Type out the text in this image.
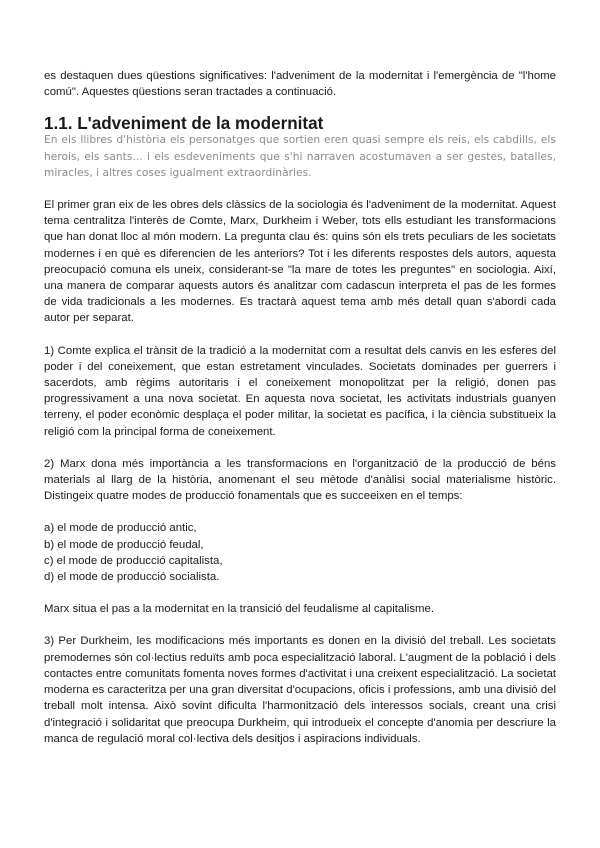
es destaquen dues qüestions significatives: l'adveniment de la modernitat i l'emergència de "l'home comú". Aquestes qüestions seran tractades a continuació.

1.1. L'adveniment de la modernitat

En els llibres d'història els personatges que sortien eren quasi sempre els reis, els cabdills, els herois, els sants... i els esdeveniments que s'hi narraven acostumaven a ser gestes, batalles, miracles, i altres coses igualment extraordinàries.

El primer gran eix de les obres dels clàssics de la sociologia és l'adveniment de la modernitat. Aquest tema centralitza l'interès de Comte, Marx, Durkheim i Weber, tots ells estudiant les transformacions que han donat lloc al món modern. La pregunta clau és: quins són els trets peculiars de les societats modernes i en què es diferencien de les anteriors? Tot i les diferents respostes dels autors, aquesta preocupació comuna els uneix, considerant-se "la mare de totes les preguntes" en sociologia. Així, una manera de comparar aquests autors és analitzar com cadascun interpreta el pas de les formes de vida tradicionals a les modernes. Es tractarà aquest tema amb més detall quan s'abordi cada autor per separat.

1) Comte explica el trànsit de la tradició a la modernitat com a resultat dels canvis en les esferes del poder i del coneixement, que estan estretament vinculades. Societats dominades per guerrers i sacerdots, amb règims autoritaris i el coneixement monopolitzat per la religió, donen pas progressivament a una nova societat. En aquesta nova societat, les activitats industrials guanyen terreny, el poder econòmic desplaça el poder militar, la societat es pacífica, i la ciència substitueix la religió com la principal forma de coneixement.

2) Marx dona més importància a les transformacions en l'organització de la producció de béns materials al llarg de la història, anomenant el seu mètode d'anàlisi social materialisme històric. Distingeix quatre modes de producció fonamentals que es succeeixen en el temps:

a) el mode de producció antic,
b) el mode de producció feudal,
c) el mode de producció capitalista,
d) el mode de producció socialista.

Marx situa el pas a la modernitat en la transició del feudalisme al capitalisme.

3) Per Durkheim, les modificacions més importants es donen en la divisió del treball. Les societats premodernes són col·lectius reduïts amb poca especialització laboral. L'augment de la població i dels contactes entre comunitats fomenta noves formes d'activitat i una creixent especialització. La societat moderna es caracteritza per una gran diversitat d'ocupacions, oficis i professions, amb una divisió del treball molt intensa. Això sovint dificulta l'harmonització dels interessos socials, creant una crisi d'integració i solidaritat que preocupa Durkheim, qui introdueix el concepte d'anomia per descriure la manca de regulació moral col·lectiva dels desitjos i aspiracions individuals.
